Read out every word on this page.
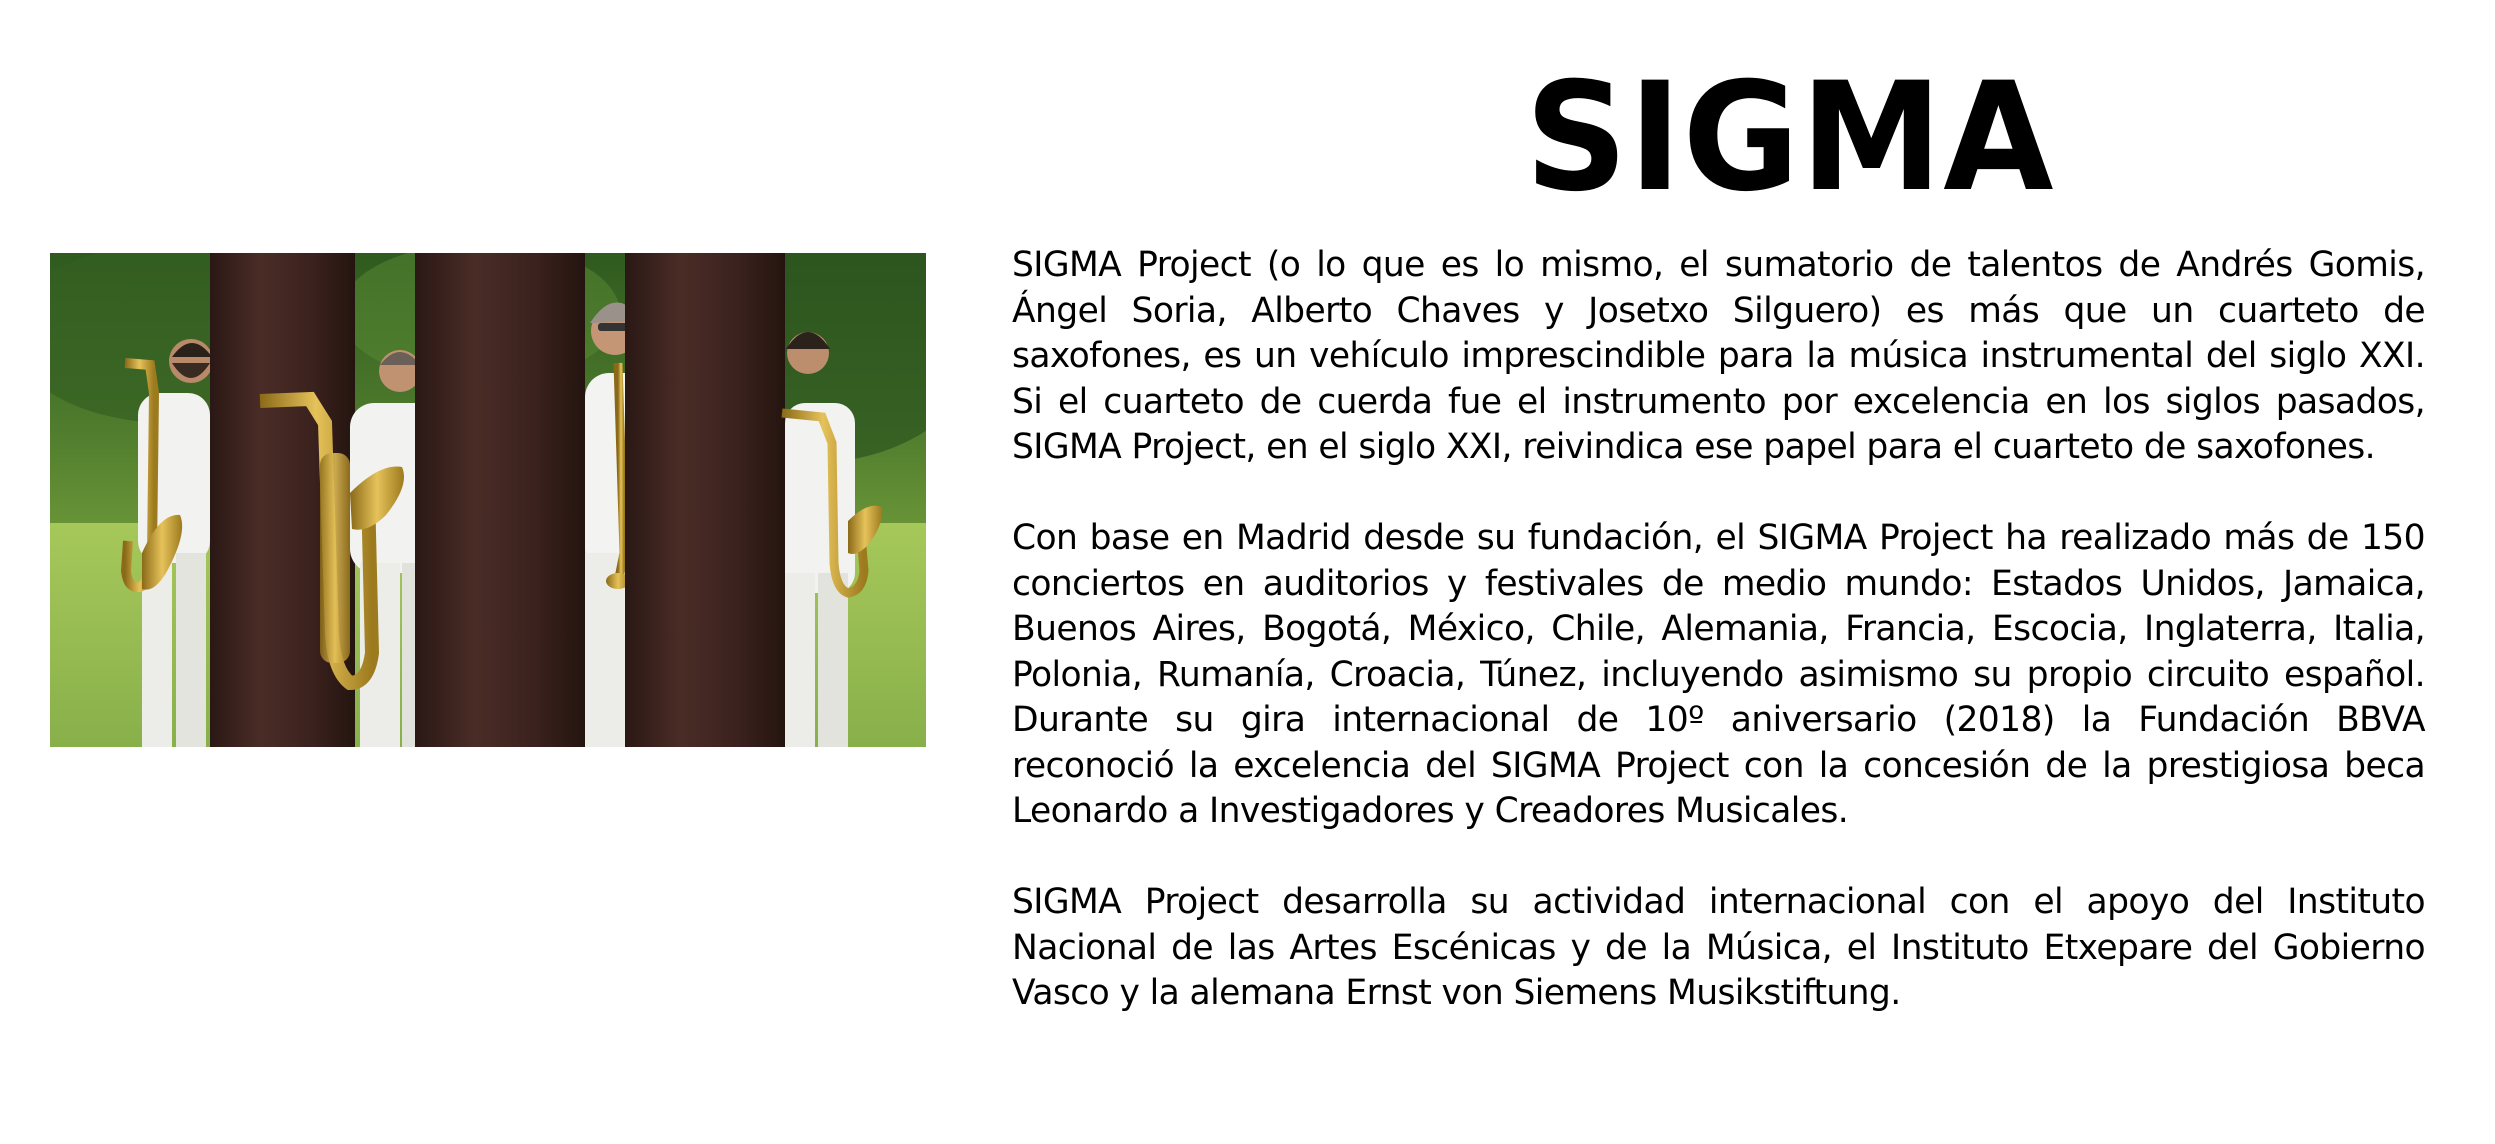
SIGMA

SIGMA Project (o lo que es lo mismo, el sumatorio de talentos de Andrés Gomis, Ángel Soria, Alberto Chaves y Josetxo Silguero) es más que un cuarteto de saxofones, es un vehículo imprescindible para la música instrumental del siglo XXI. Si el cuarteto de cuerda fue el instrumento por excelencia en los siglos pasados, SIGMA Project, en el siglo XXI, reivindica ese papel para el cuarteto de saxofones.

Con base en Madrid desde su fundación, el SIGMA Project ha realizado más de 150 conciertos en auditorios y festivales de medio mundo: Estados Unidos, Jamaica, Buenos Aires, Bogotá, México, Chile, Alemania, Francia, Escocia, Inglaterra, Italia, Polonia, Rumanía, Croacia, Túnez, incluyendo asimismo su propio circuito español. Durante su gira internacional de 10º aniversario (2018) la Fundación BBVA reconoció la excelencia del SIGMA Project con la concesión de la prestigiosa beca Leonardo a Investigadores y Creadores Musicales.

SIGMA Project desarrolla su actividad internacional con el apoyo del Instituto Nacional de las Artes Escénicas y de la Música, el Instituto Etxepare del Gobierno Vasco y la alemana Ernst von Siemens Musikstiftung.
